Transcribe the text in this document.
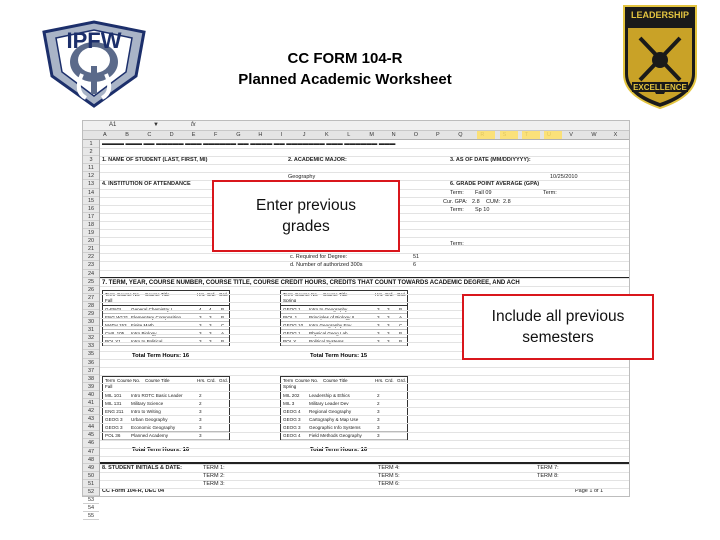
IPFW
LEADERSHIP
EXCELLENCE
CC FORM 104-R
Planned Academic Worksheet
A1	▼	fx
A	B	C	D	E	F	G	H	I	J	K	L	M	N	O	P	Q	V	W	X
1
2
3
11
12
13
14
15
16
17
18
19
20
21
22
23
24
25
26
27
28
29
30
31
32
33
35
36
37
38
39
40
41
42
43
44
45
46
47
48
49
50
51
52
53
54
55
▬▬▬▬ ▬▬▬ ▬▬ ▬▬▬▬▬ ▬▬▬ ▬▬▬▬▬▬ ▬▬ ▬▬▬▬ ▬▬ ▬▬▬▬▬▬▬ ▬▬▬ ▬▬▬▬▬▬ ▬▬▬
1. NAME OF STUDENT (LAST, FIRST, MI)	2. ACADEMIC MAJOR:	3. AS OF DATE (MM/DD/YYYY):
Geography	10/25/2010
4. INSTITUTION OF ATTENDANCE	6. GRADE POINT AVERAGE (GPA)
Term: Fall 09
Cur. GPA: 2.8 CUM: 2.8
Term: Sp 10
Term:
Term:
c. Required for Degree:	51
d. Number of authorized 300s	6
7. TERM, YEAR, COURSE NUMBER, COURSE TITLE, COURSE CREDIT HOURS, CREDITS THAT COUNT TOWARDS ACADEMIC DEGREE, AND ACH
Term Course No. Course Title	Hrs. Crd. Grd.
Fall
G-ENGL General Chemistry I	4 4 B
ENG W131 Elementary Composition	3 3 B
MATH 153 Finite Math	3 3 C
CHIL 105 Intro Biology	3 3 A
POL Y1 Intro to Political	3 3 B
Total Term Hours: 16
Term Course No. Course Title	Hrs. Crd. Grd.
Spring
GEOG 1 Intro to Geography	3 3 B
BIOL 1	Principles of Biology II	3 3 A
GEOG 10 Intro Geography Env.	3 3 C
GEOG 1 Physical Geog Lab	3 3 B
POL Y	Political Systems	3 3 B
Total Term Hours: 15
Term Course No. Course Title	Hrs. Crd. Grd.
Fall
MIL 101 Intro ROTC Basic Leader	2
MIL 131 Military Science	2
ENG 211 Intro to Writing	3
GEOG 3 Urban Geography	3
GEOG 3 Economic Geography	3
POL 36 Planned Academy	3
Total Term Hours: 16
Term Course No. Course Title	Hrs. Crd. Grd.
Spring
MIL 202 Leadership & Ethics	2
MIL 3	Military Leader Dev	2
GEOG 4 Regional Geography	3
GEOG 3 Cartography & Map Use	3
GEOG 3 Geographic Info Systems	3
GEOG 4 Field Methods Geography	3
Total Term Hours: 16
8. STUDENT INITIALS & DATE:	TERM 1:
TERM 2:
TERM 3:
TERM 4:
TERM 5:
TERM 6:
TERM 7:
TERM 8:
CC Form 104-R, DEC 04	Page 1 of 1
Enter previous
grades
Include all previous
semesters
